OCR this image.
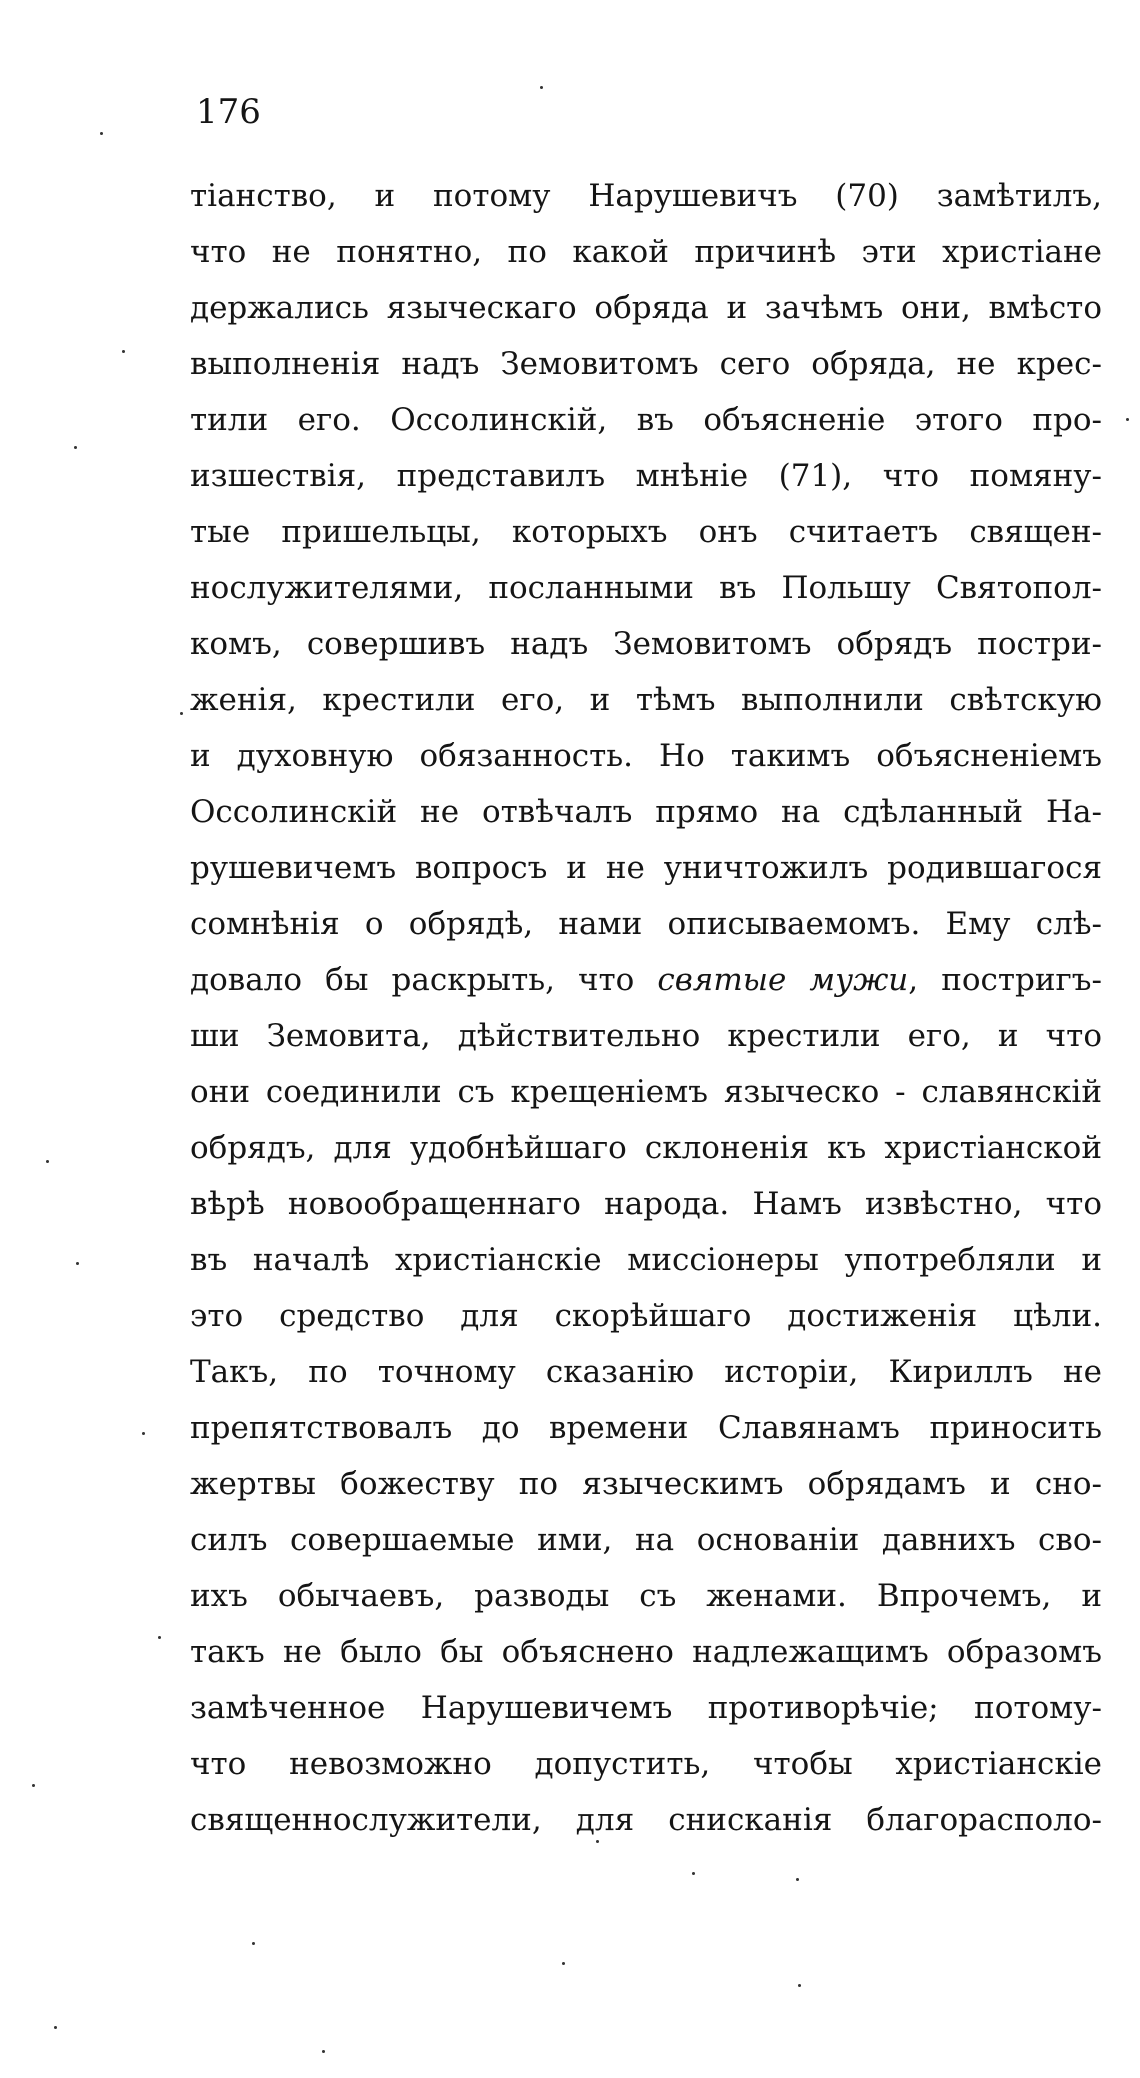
176

тіанство, и потому Нарушевичъ (70) замѣтилъ,
что не понятно, по какой причинѣ эти христіане
держались языческаго обряда и зачѣмъ они, вмѣсто
выполненія надъ Земовитомъ сего обряда, не крес-
тили его. Оссолинскій, въ объясненіе этого про-
изшествія, представилъ мнѣніе (71), что помяну-
тые пришельцы, которыхъ онъ считаетъ священ-
нослужителями, посланными въ Польшу Святопол-
комъ, совершивъ надъ Земовитомъ обрядъ постри-
женія, крестили его, и тѣмъ выполнили свѣтскую
и духовную обязанность. Но такимъ объясненіемъ
Оссолинскій не отвѣчалъ прямо на сдѣланный На-
рушевичемъ вопросъ и не уничтожилъ родившагося
сомнѣнія о обрядѣ, нами описываемомъ. Ему слѣ-
довало бы раскрыть, что святые мужи, постригъ-
ши Земовита, дѣйствительно крестили его, и что
они соединили съ крещеніемъ языческо - славянскій
обрядъ, для удобнѣйшаго склоненія къ христіанской
вѣрѣ новообращеннаго народа. Намъ извѣстно, что
въ началѣ христіанскіе миссіонеры употребляли и
это средство для скорѣйшаго достиженія цѣли.
Такъ, по точному сказанію исторіи, Кириллъ не
препятствовалъ до времени Славянамъ приносить
жертвы божеству по языческимъ обрядамъ и сно-
силъ совершаемые ими, на основаніи давнихъ сво-
ихъ обычаевъ, разводы съ женами. Впрочемъ, и
такъ не было бы объяснено надлежащимъ образомъ
замѣченное Нарушевичемъ противорѣчіе; потому-
что невозможно допустить, чтобы христіанскіе
священнослужители, для снисканія благорасполо-
